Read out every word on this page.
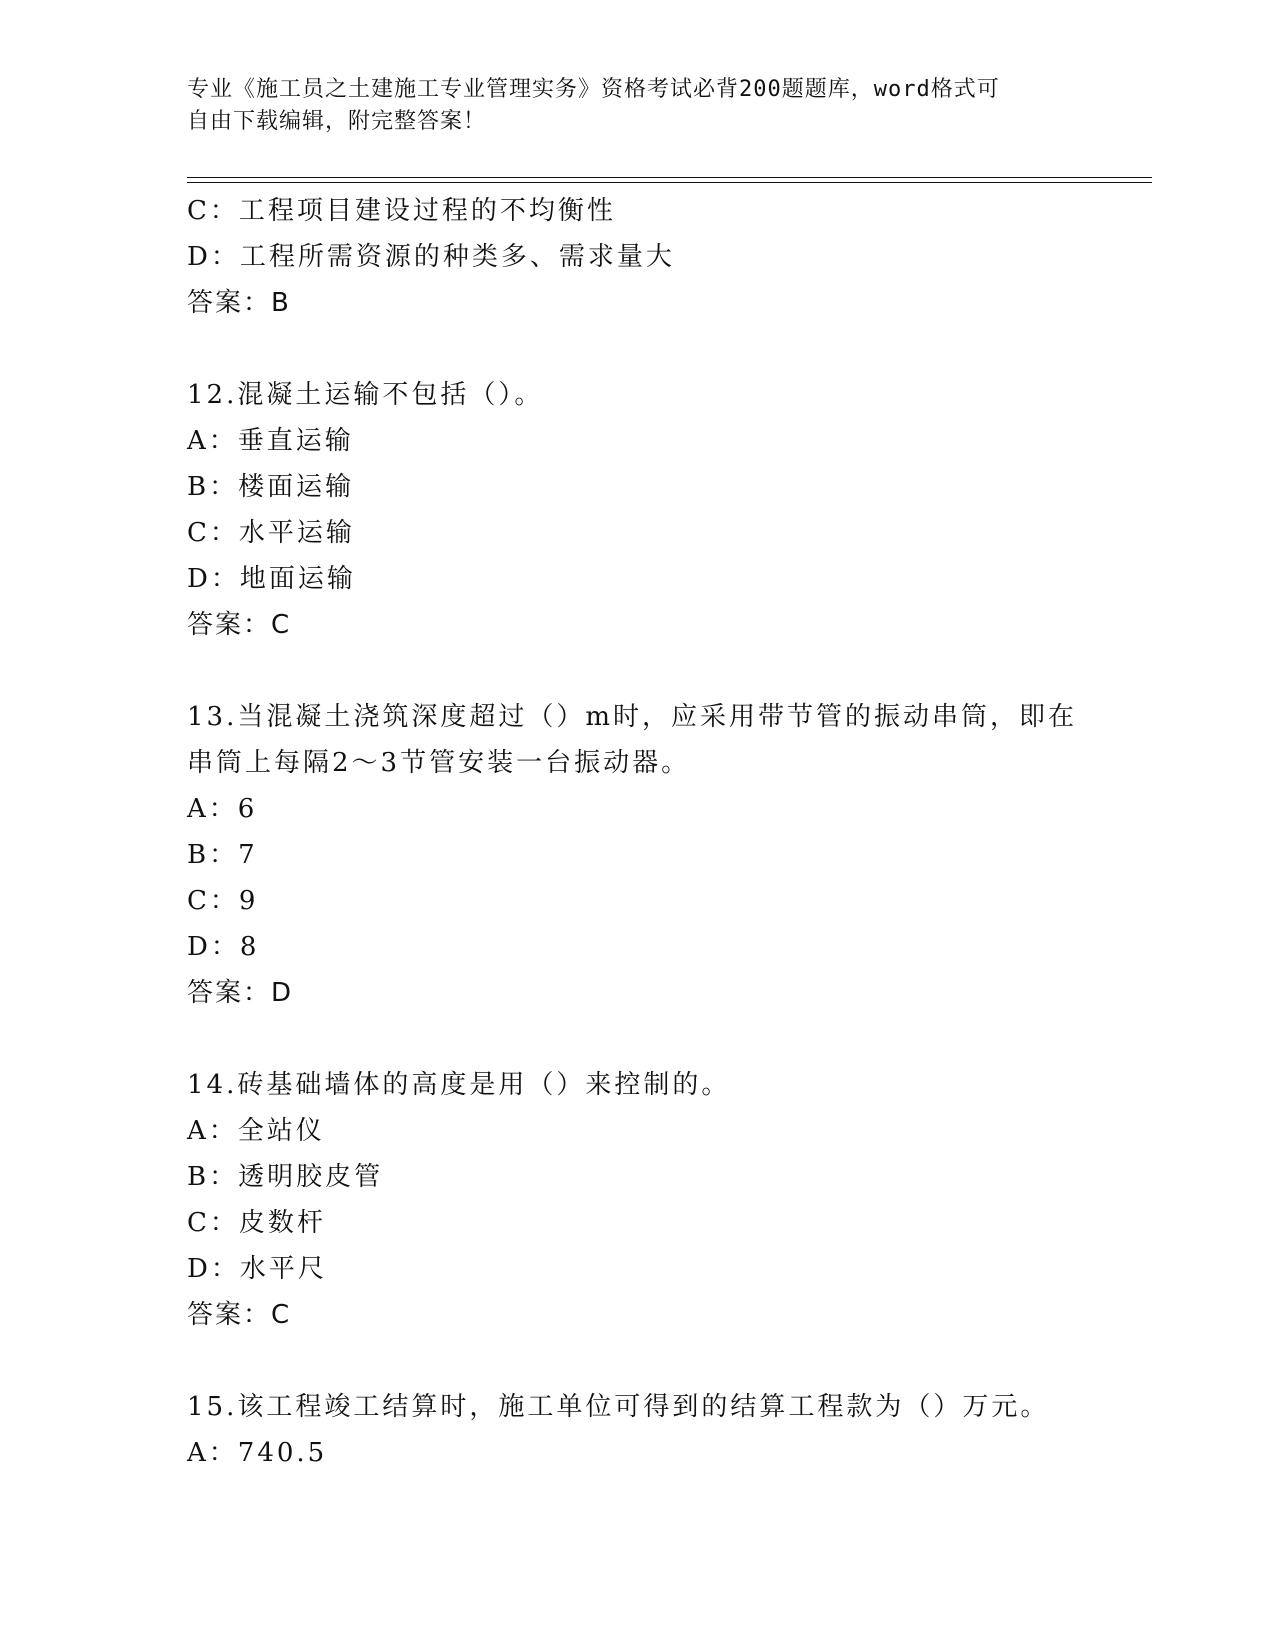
专业《施工员之土建施工专业管理实务》资格考试必背200题题库，word格式可
自由下载编辑，附完整答案！
C：工程项目建设过程的不均衡性
D：工程所需资源的种类多、需求量大
答案：B
12.混凝土运输不包括（）。
A：垂直运输
B：楼面运输
C：水平运输
D：地面运输
答案：C
13.当混凝土浇筑深度超过（）m时，应采用带节管的振动串筒，即在
串筒上每隔2～3节管安装一台振动器。
A：6
B：7
C：9
D：8
答案：D
14.砖基础墙体的高度是用（）来控制的。
A：全站仪
B：透明胶皮管
C：皮数杆
D：水平尺
答案：C
15.该工程竣工结算时，施工单位可得到的结算工程款为（）万元。
A：740.5
